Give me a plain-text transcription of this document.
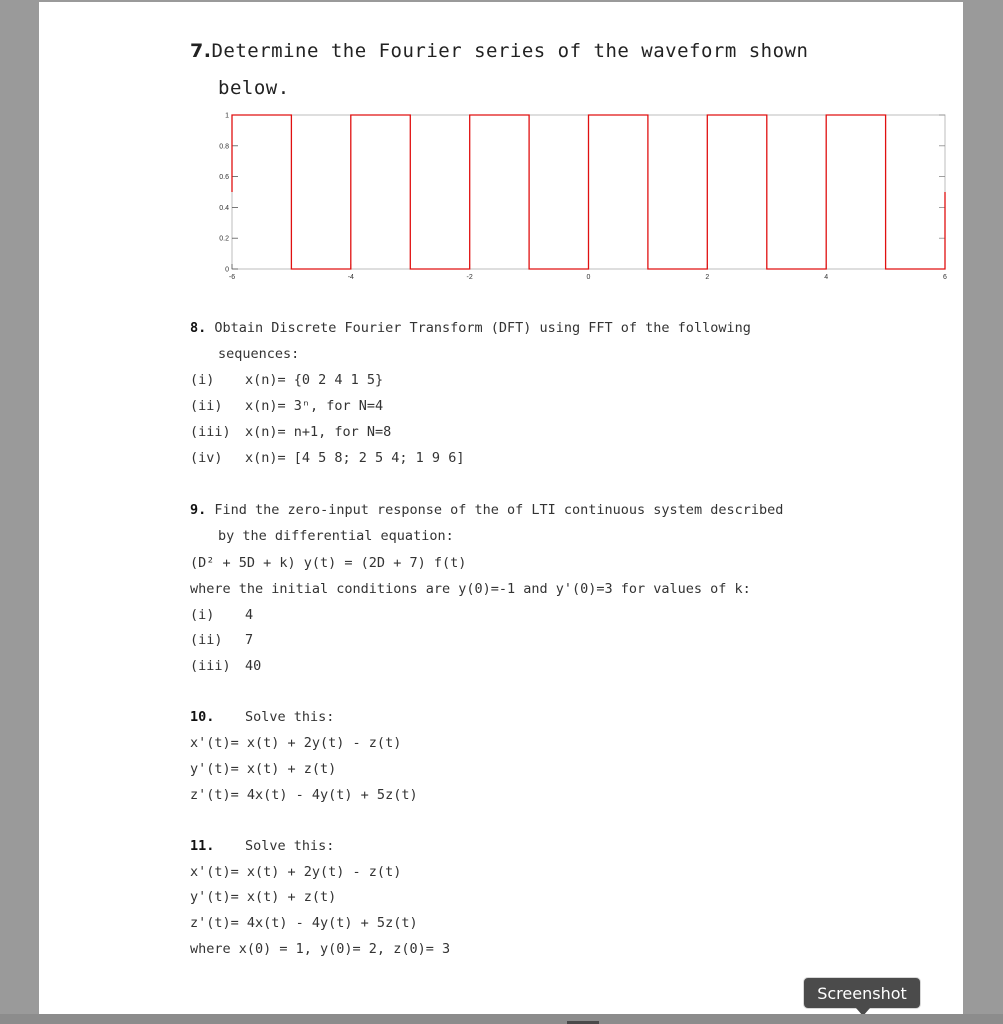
7.Determine the Fourier series of the waveform shown
below.
0
0.2
0.4
0.6
0.8
1
-6	-4	-2	0	2	4	6
8. Obtain Discrete Fourier Transform (DFT) using FFT of the following
sequences:
(i) x(n)= {0 2 4 1 5}
(ii) x(n)= 3ⁿ, for N=4
(iii) x(n)= n+1, for N=8
(iv) x(n)= [4 5 8; 2 5 4; 1 9 6]
9. Find the zero-input response of the of LTI continuous system described
by the differential equation:
(D² + 5D + k) y(t) = (2D + 7) f(t)
where the initial conditions are y(0)=-1 and y'(0)=3 for values of k:
(i) 4
(ii) 7
(iii) 40
10. Solve this:
x'(t)= x(t) + 2y(t) - z(t)
y'(t)= x(t) + z(t)
z'(t)= 4x(t) - 4y(t) + 5z(t)
11. Solve this:
x'(t)= x(t) + 2y(t) - z(t)
y'(t)= x(t) + z(t)
z'(t)= 4x(t) - 4y(t) + 5z(t)
where x(0) = 1, y(0)= 2, z(0)= 3
Screenshot
